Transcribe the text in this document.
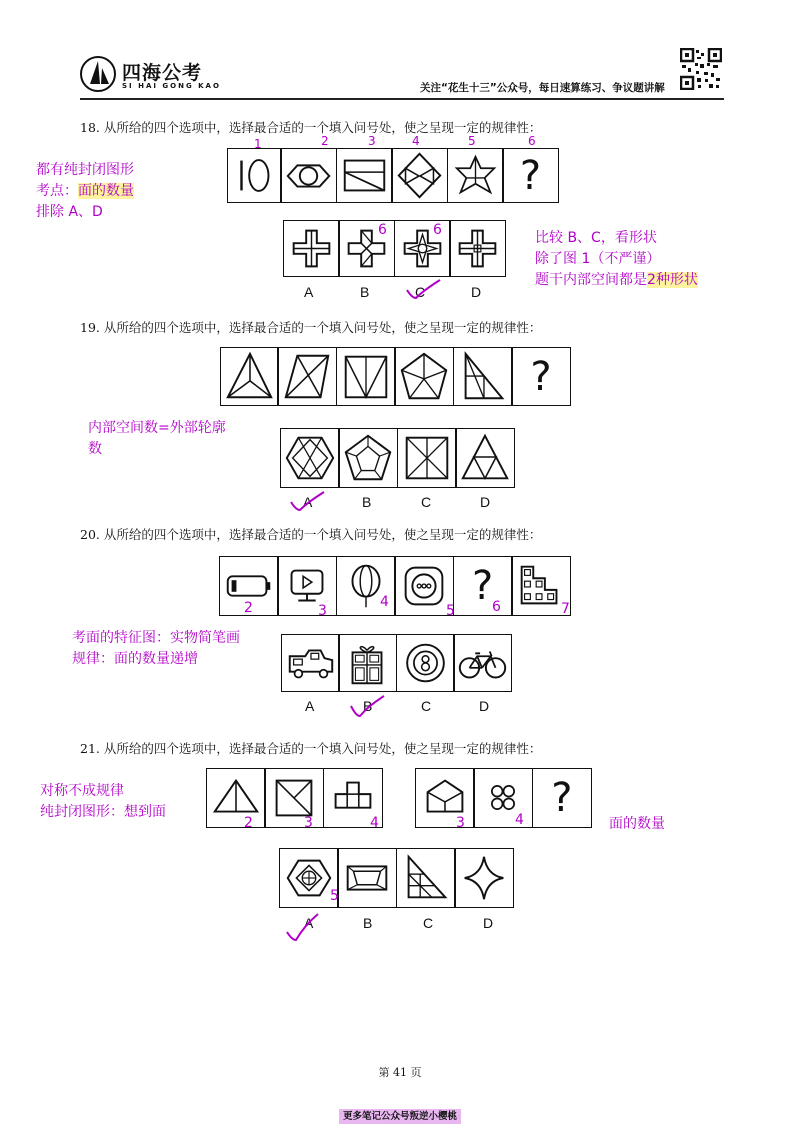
四海公考
SI HAI GONG KAO	关注“花生十三”公众号，每日速算练习、争议题讲解
18. 从所给的四个选项中，选择最合适的一个填入问号处，使之呈现一定的规律性：
都有纯封闭图形
考点：面的数量
排除 A、D
?
1	2	3	4	5	6
6	6
A	B	C	D
比较 B、C，看形状
除了图 1（不严谨）
题干内部空间都是2种形状
19. 从所给的四个选项中，选择最合适的一个填入问号处，使之呈现一定的规律性：
?
内部空间数=外部轮廓
数
A	B	C	D
20. 从所给的四个选项中，选择最合适的一个填入问号处，使之呈现一定的规律性：
?
2	3
4
5	6	7
考面的特征图：实物简笔画
规律：面的数量递增
A	B	C	D
21. 从所给的四个选项中，选择最合适的一个填入问号处，使之呈现一定的规律性：
对称不成规律
纯封闭图形：想到面
2	3	4
?
3	4	面的数量
5
A	B	C	D
第 41 页
更多笔记公众号叛逆小樱桃
